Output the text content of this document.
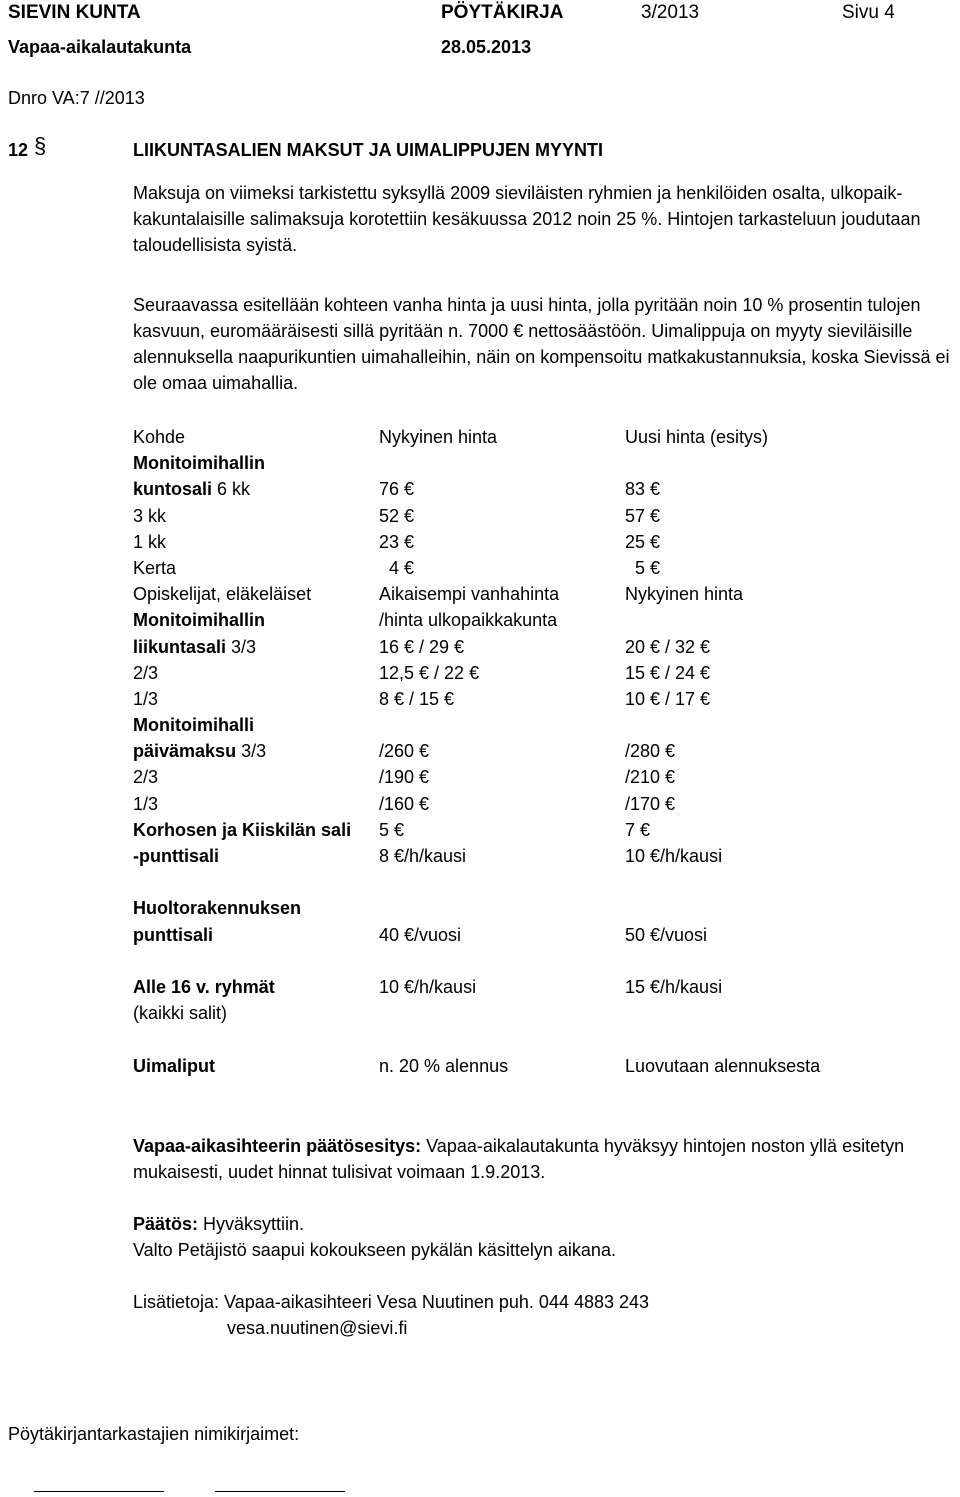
SIEVIN KUNTA	PÖYTÄKIRJA	3/2013	Sivu 4
Vapaa-aikalautakunta	28.05.2013
Dnro VA:7 //2013
12 §	LIIKUNTASALIEN MAKSUT JA UIMALIPPUJEN MYYNTI

Maksuja on viimeksi tarkistettu syksyllä 2009 sieviläisten ryhmien ja henkilöiden osalta, ulkopaikkakuntalaisille salimaksuja korotettiin kesäkuussa 2012 noin 25 %. Hintojen tarkasteluun joudutaan taloudellisista syistä.

Seuraavassa esitellään kohteen vanha hinta ja uusi hinta, jolla pyritään noin 10 % prosentin tulojen kasvuun, euromääräisesti sillä pyritään n. 7000 € nettosäästöön. Uimalippuja on myyty sieviläisille alennuksella naapurikuntien uimahalleihin, näin on kompensoitu matkakustannuksia, koska Sievissä ei ole omaa uimahallia.

Kohde	Nykyinen hinta	Uusi hinta (esitys)
Monitoimihallin
kuntosali 6 kk	76 €	83 €
3 kk	52 €	57 €
1 kk	23 €	25 €
Kerta	4 €	5 €
Opiskelijat, eläkeläiset	Aikaisempi vanhahinta	Nykyinen hinta
Monitoimihallin	/hinta ulkopaikkakunta
liikuntasali 3/3	16 € / 29 €	20 € / 32 €
2/3	12,5 € / 22 €	15 € / 24 €
1/3	8 € / 15 €	10 € / 17 €
Monitoimihalli
päivämaksu 3/3	/260 €	/280 €
2/3	/190 €	/210 €
1/3	/160 €	/170 €
Korhosen ja Kiiskilän sali 5 €	7 €
-punttisali	8 €/h/kausi	10 €/h/kausi
Huoltorakennuksen
punttisali	40 €/vuosi	50 €/vuosi
Alle 16 v. ryhmät	10 €/h/kausi	15 €/h/kausi
(kaikki salit)
Uimaliput	n. 20 % alennus	Luovutaan alennuksesta

Vapaa-aikasihteerin päätösesitys: Vapaa-aikalautakunta hyväksyy hintojen noston yllä esitetyn mukaisesti, uudet hinnat tulisivat voimaan 1.9.2013.

Päätös: Hyväksyttiin.

Valto Petäjistö saapui kokoukseen pykälän käsittelyn aikana.

Lisätietoja: Vapaa-aikasihteeri Vesa Nuutinen puh. 044 4883 243
vesa.nuutinen@sievi.fi
Pöytäkirjantarkastajien nimikirjaimet:
